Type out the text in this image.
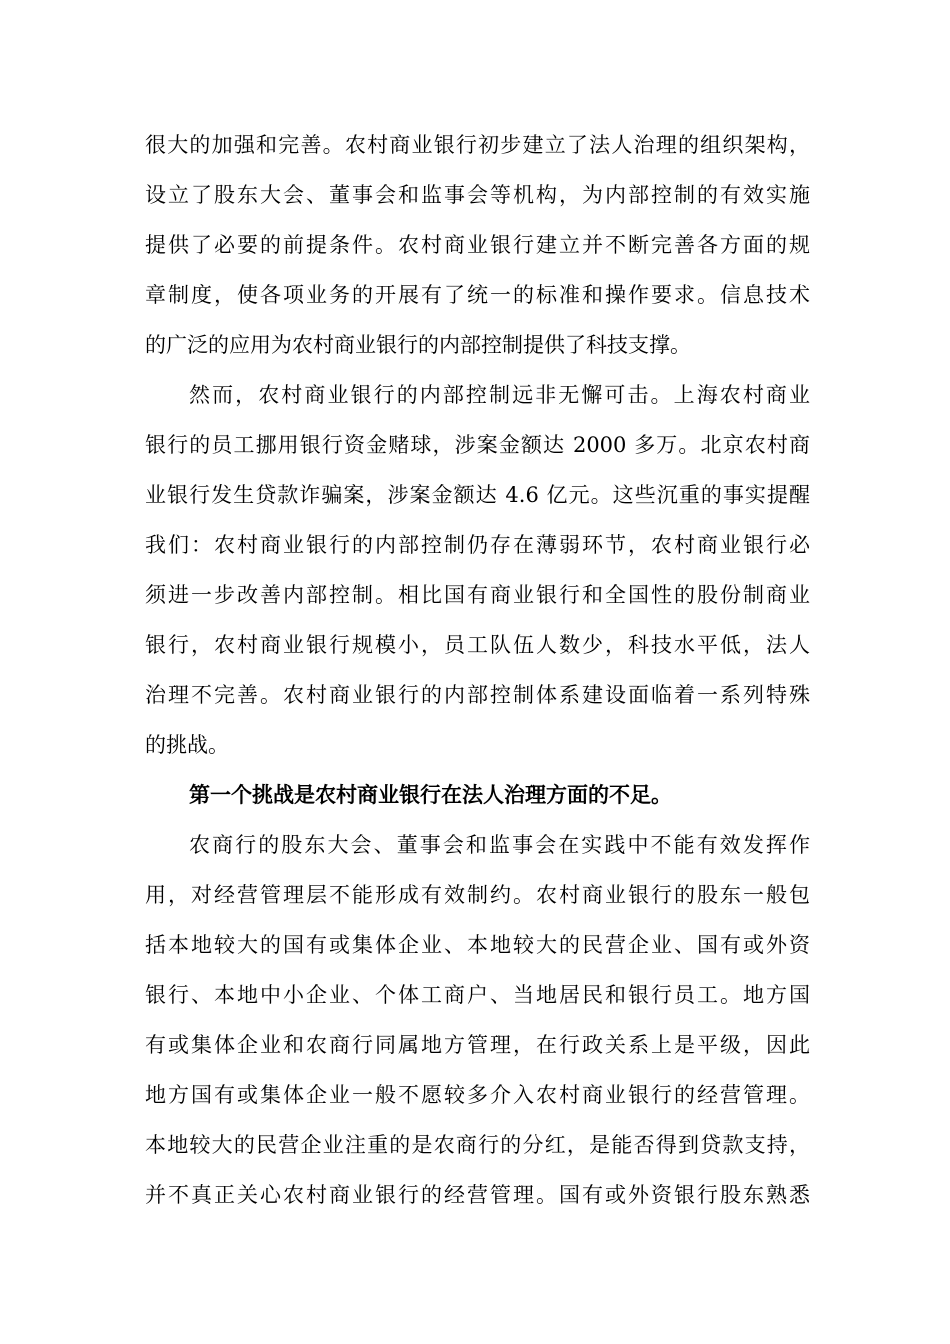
很大的加强和完善。农村商业银行初步建立了法人治理的组织架构，
设立了股东大会、董事会和监事会等机构，为内部控制的有效实施
提供了必要的前提条件。农村商业银行建立并不断完善各方面的规
章制度，使各项业务的开展有了统一的标准和操作要求。信息技术
的广泛的应用为农村商业银行的内部控制提供了科技支撑。
然而，农村商业银行的内部控制远非无懈可击。上海农村商业
银行的员工挪用银行资金赌球，涉案金额达 2000 多万。北京农村商
业银行发生贷款诈骗案，涉案金额达 4.6 亿元。这些沉重的事实提醒
我们：农村商业银行的内部控制仍存在薄弱环节，农村商业银行必
须进一步改善内部控制。相比国有商业银行和全国性的股份制商业
银行，农村商业银行规模小，员工队伍人数少，科技水平低，法人
治理不完善。农村商业银行的内部控制体系建设面临着一系列特殊
的挑战。
第一个挑战是农村商业银行在法人治理方面的不足。
农商行的股东大会、董事会和监事会在实践中不能有效发挥作
用，对经营管理层不能形成有效制约。农村商业银行的股东一般包
括本地较大的国有或集体企业、本地较大的民营企业、国有或外资
银行、本地中小企业、个体工商户、当地居民和银行员工。地方国
有或集体企业和农商行同属地方管理，在行政关系上是平级，因此
地方国有或集体企业一般不愿较多介入农村商业银行的经营管理。
本地较大的民营企业注重的是农商行的分红，是能否得到贷款支持，
并不真正关心农村商业银行的经营管理。国有或外资银行股东熟悉
